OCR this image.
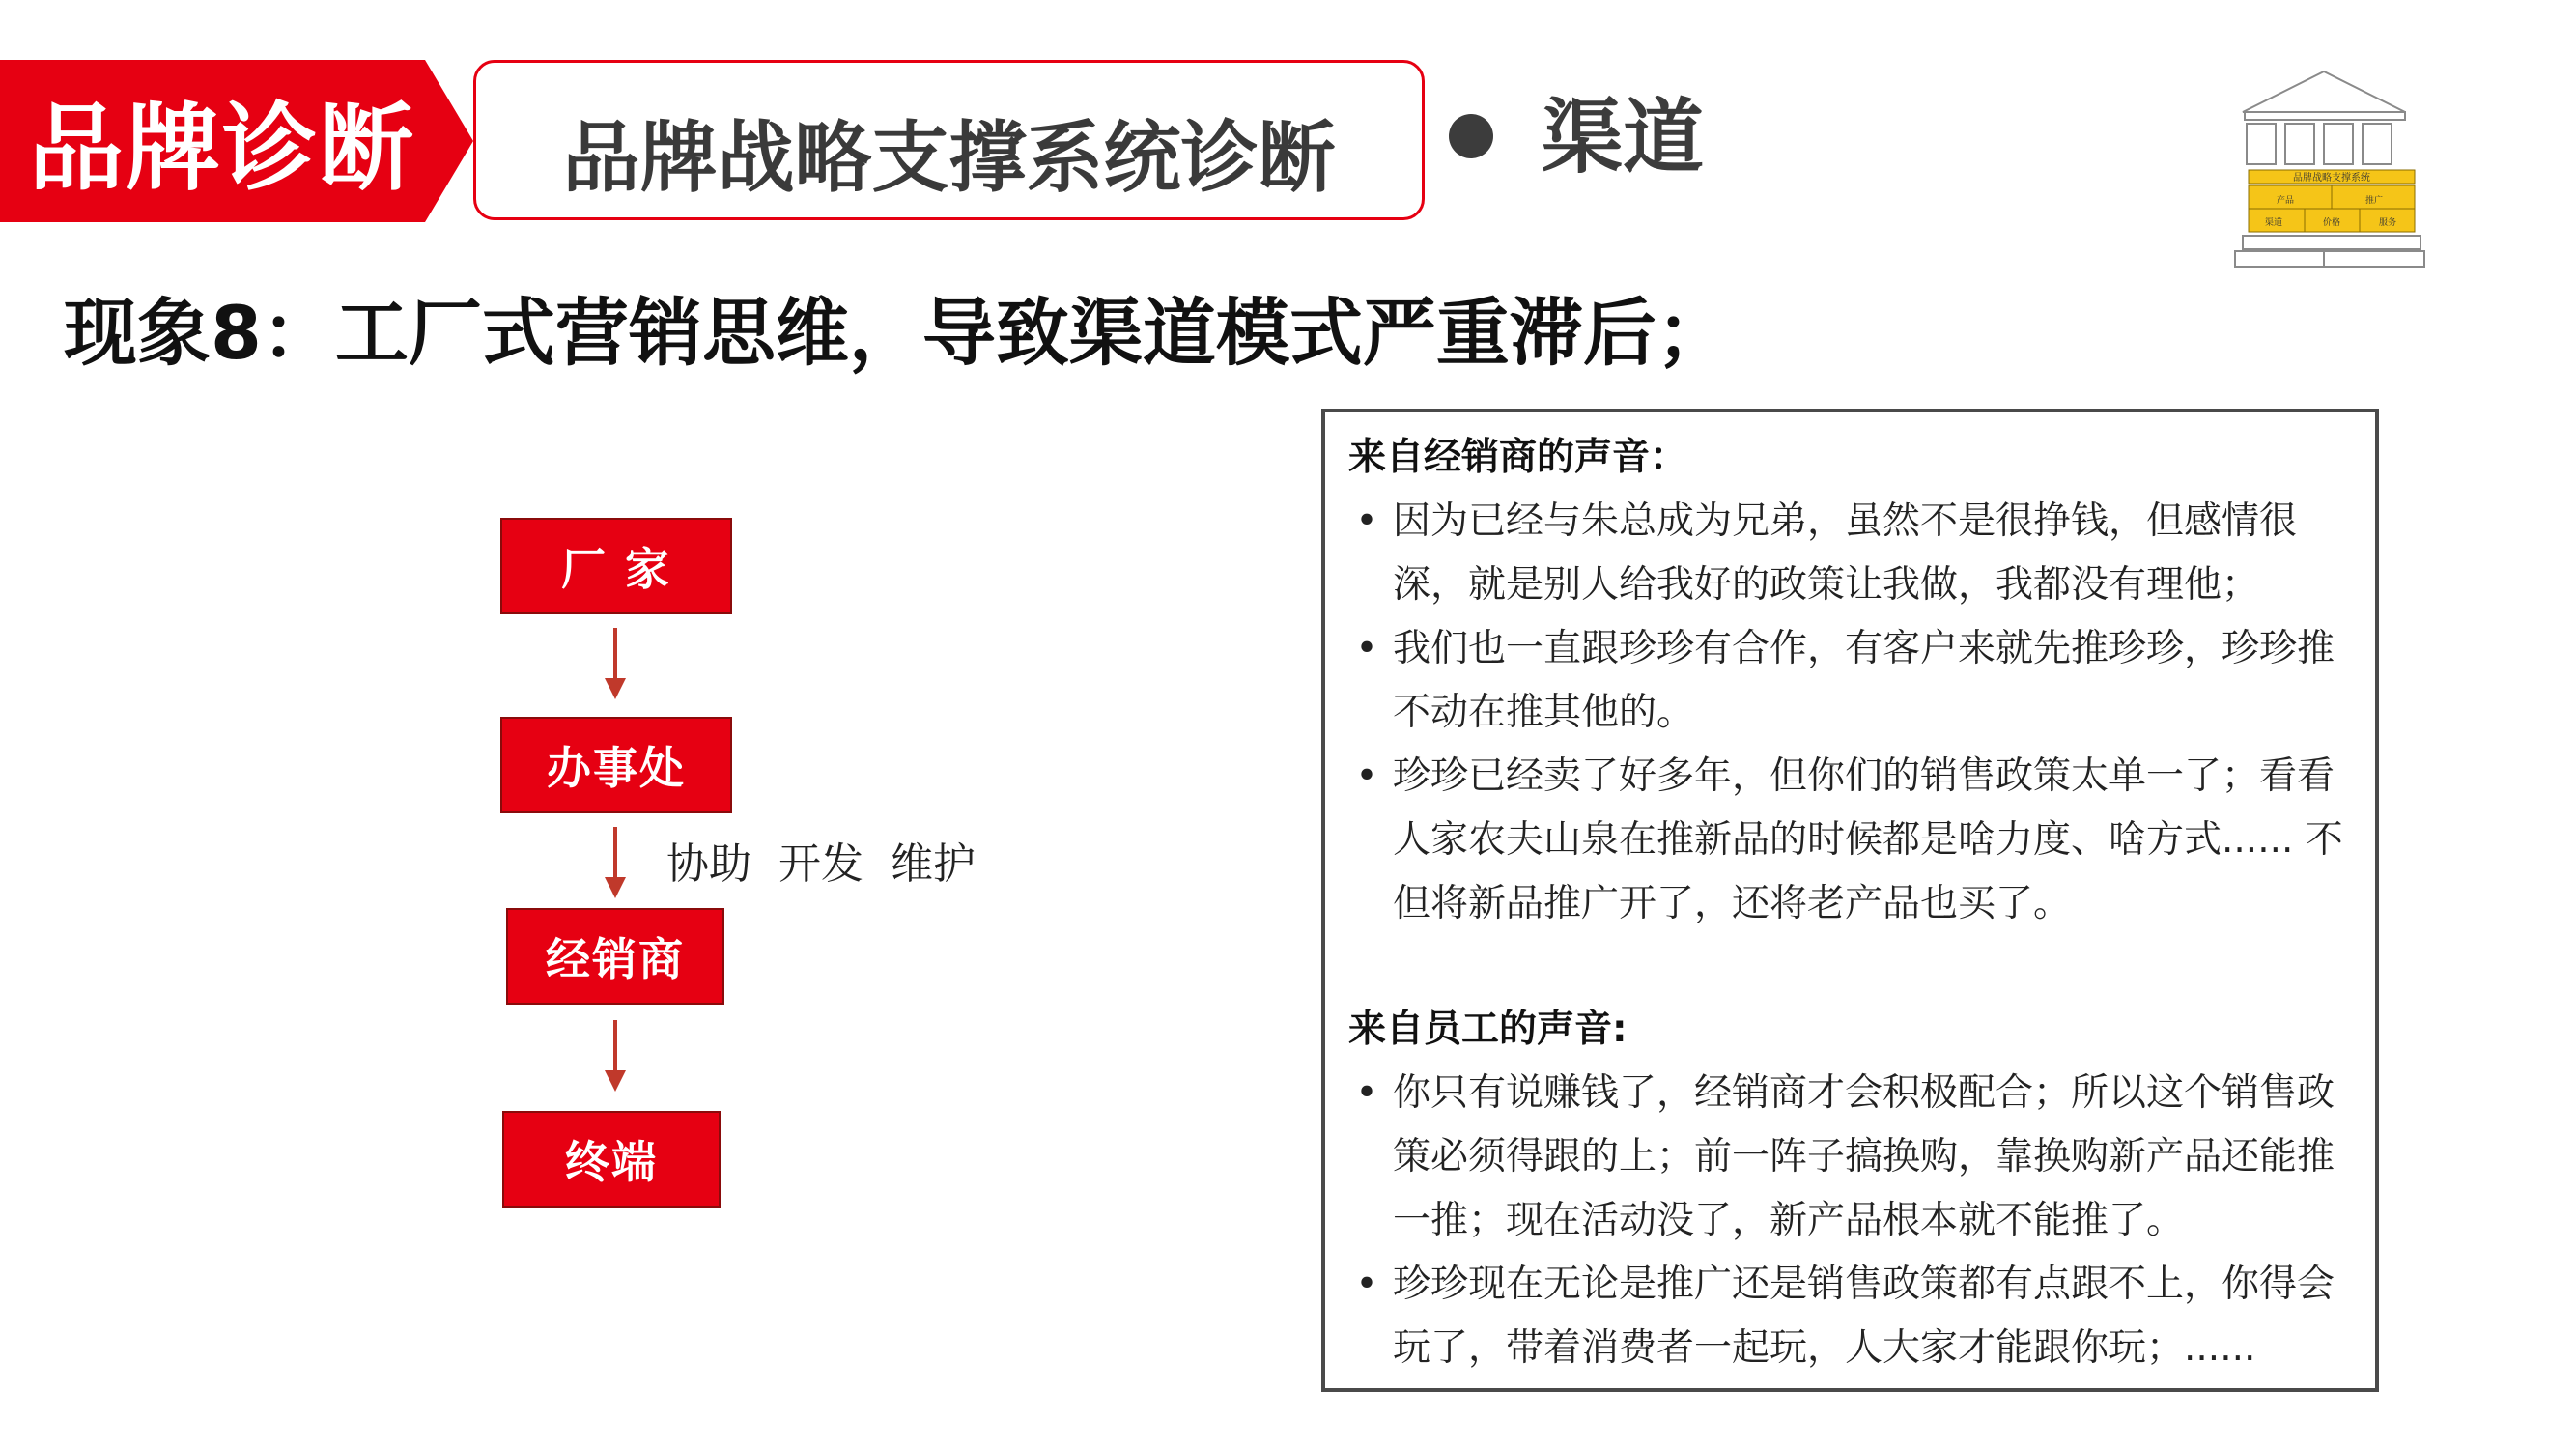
品牌诊断 品牌战略支撑系统诊断	渠道	品牌战略支撑系统
产品	推广
渠道	价格	服务
现象8：工厂式营销思维，导致渠道模式严重滞后；
厂 家
办事处
协助  开发  维护
经销商
终端
来自经销商的声音：
• 因为已经与朱总成为兄弟，虽然不是很挣钱，但感情很深，就是别人给我好的政策让我做，我都没有理他；
• 我们也一直跟珍珍有合作，有客户来就先推珍珍，珍珍推不动在推其他的。
• 珍珍已经卖了好多年，但你们的销售政策太单一了；看看人家农夫山泉在推新品的时候都是啥力度、啥方式...... 不但将新品推广开了，还将老产品也买了。
来自员工的声音:
• 你只有说赚钱了，经销商才会积极配合；所以这个销售政策必须得跟的上；前一阵子搞换购，靠换购新产品还能推一推；现在活动没了，新产品根本就不能推了。
• 珍珍现在无论是推广还是销售政策都有点跟不上，你得会玩了，带着消费者一起玩，人大家才能跟你玩；......
